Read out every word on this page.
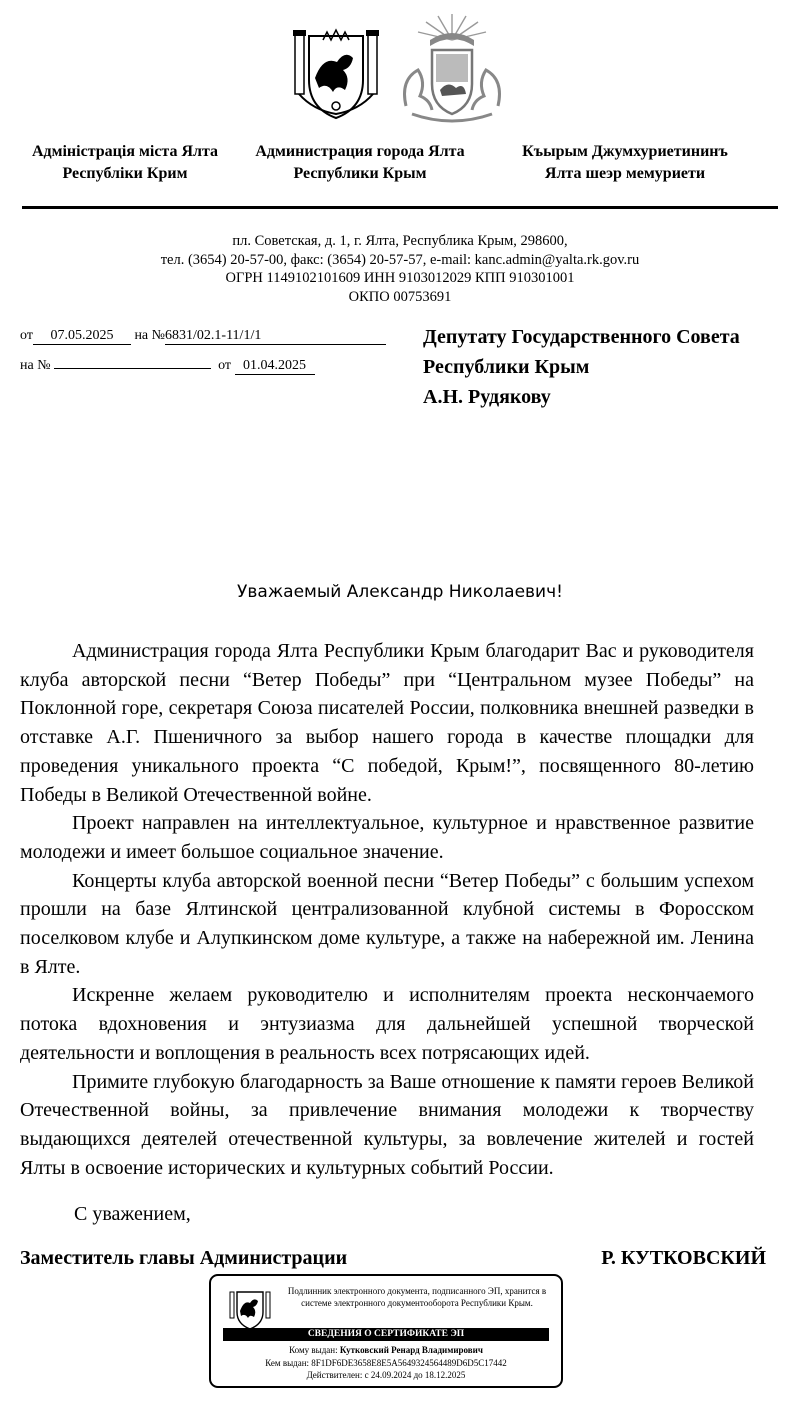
Адміністрація міста Ялта
Республіки Крим
Администрация города Ялта
Республики Крым
Къырым Джумхуриетининъ
Ялта шеэр мемуриети
пл. Советская, д. 1, г. Ялта, Республика Крым, 298600,
тел. (3654) 20-57-00, факс: (3654) 20-57-57, e-mail: kanc.admin@yalta.rk.gov.ru
ОГРН 1149102101609 ИНН 9103012029 КПП 910301001
ОКПО 00753691
от 07.05.2025 на №6831/02.1-11/1/1
на №	от 01.04.2025
Депутату Государственного Совета
Республики Крым
А.Н. Рудякову
Уважаемый Александр Николаевич!

Администрация города Ялта Республики Крым благодарит Вас и руководителя клуба авторской песни “Ветер Победы” при “Центральном музее Победы” на Поклонной горе, секретаря Союза писателей России, полковника внешней разведки в отставке А.Г. Пшеничного за выбор нашего города в качестве площадки для проведения уникального проекта “С победой, Крым!”, посвященного 80-летию Победы в Великой Отечественной войне.

Проект направлен на интеллектуальное, культурное и нравственное развитие молодежи и имеет большое социальное значение.

Концерты клуба авторской военной песни “Ветер Победы” с большим успехом прошли на базе Ялтинской централизованной клубной системы в Форосском поселковом клубе и Алупкинском доме культуре, а также на набережной им. Ленина в Ялте.

Искренне желаем руководителю и исполнителям проекта нескончаемого потока вдохновения и энтузиазма для дальнейшей успешной творческой деятельности и воплощения в реальность всех потрясающих идей.

Примите глубокую благодарность за Ваше отношение к памяти героев Великой Отечественной войны, за привлечение внимания молодежи к творчеству выдающихся деятелей отечественной культуры, за вовлечение жителей и гостей Ялты в освоение исторических и культурных событий России.

С уважением,
Заместитель главы Администрации	Р. КУТКОВСКИЙ
Подлинник электронного документа, подписанного ЭП, хранится в
системе электронного документооборота Республики Крым.
СВЕДЕНИЯ О СЕРТИФИКАТЕ ЭП
Кому выдан: Кутковский Ренард Владимирович
Кем выдан: 8F1DF6DE3658E8E5A5649324564489D6D5C17442
Действителен: с 24.09.2024 до 18.12.2025
